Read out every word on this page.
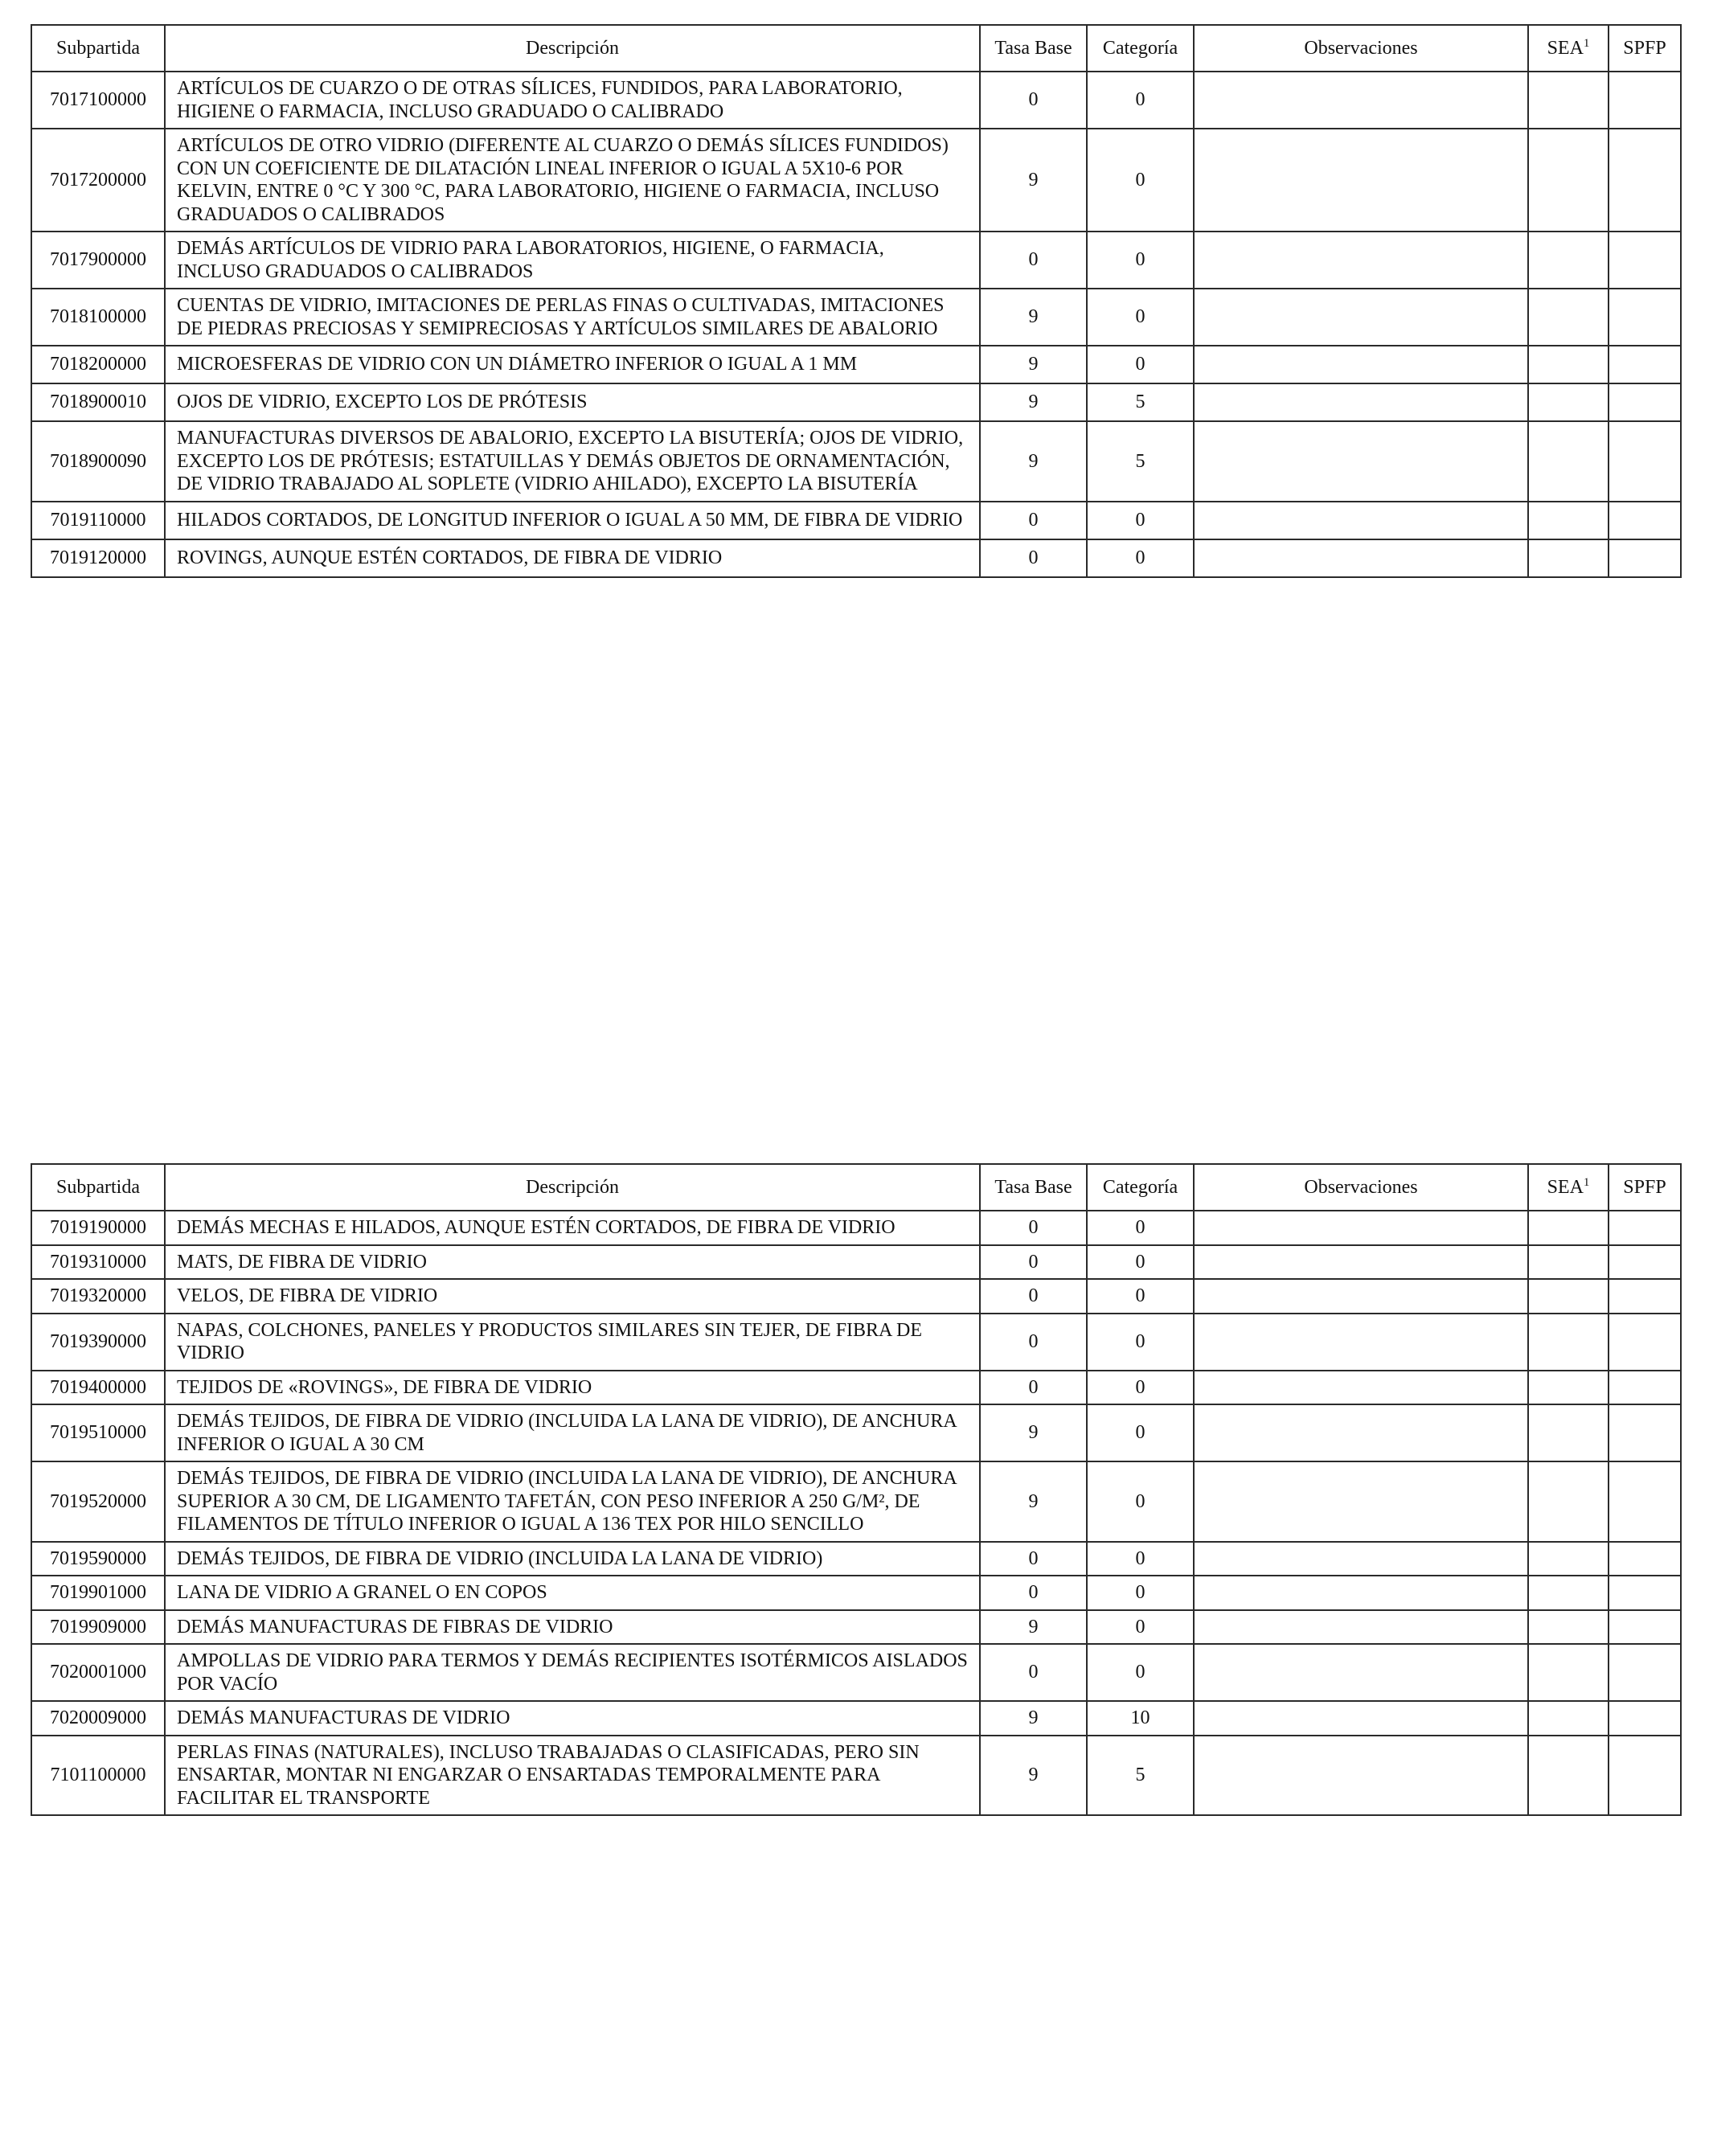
Subpartida	Descripción	Tasa Base	Categoría	Observaciones	SEA$^1$	SPFP
7017100000	ARTÍCULOS DE CUARZO O DE OTRAS SÍLICES, FUNDIDOS, PARA LABORATORIO, HIGIENE O FARMACIA, INCLUSO GRADUADO O CALIBRADO	0	0			
7017200000	ARTÍCULOS DE OTRO VIDRIO (DIFERENTE AL CUARZO O DEMÁS SÍLICES FUNDIDOS) CON UN COEFICIENTE DE DILATACIÓN LINEAL INFERIOR O IGUAL A 5X10-6 POR KELVIN, ENTRE 0 °C Y 300 °C, PARA LABORATORIO, HIGIENE O FARMACIA, INCLUSO GRADUADOS O CALIBRADOS	9	0			
7017900000	DEMÁS ARTÍCULOS DE VIDRIO PARA LABORATORIOS, HIGIENE, O FARMACIA, INCLUSO GRADUADOS O CALIBRADOS	0	0			
7018100000	CUENTAS DE VIDRIO, IMITACIONES DE PERLAS FINAS O CULTIVADAS, IMITACIONES DE PIEDRAS PRECIOSAS Y SEMIPRECIOSAS Y ARTÍCULOS SIMILARES DE ABALORIO	9	0			
7018200000	MICROESFERAS DE VIDRIO CON UN DIÁMETRO INFERIOR O IGUAL A 1 MM	9	0			
7018900010	OJOS DE VIDRIO, EXCEPTO LOS DE PRÓTESIS	9	5			
7018900090	MANUFACTURAS DIVERSOS DE ABALORIO, EXCEPTO LA BISUTERÍA; OJOS DE VIDRIO, EXCEPTO LOS DE PRÓTESIS; ESTATUILLAS Y DEMÁS OBJETOS DE ORNAMENTACIÓN, DE VIDRIO TRABAJADO AL SOPLETE (VIDRIO AHILADO), EXCEPTO LA BISUTERÍA	9	5			
7019110000	HILADOS CORTADOS, DE LONGITUD INFERIOR O IGUAL A 50 MM, DE FIBRA DE VIDRIO	0	0			
7019120000	ROVINGS, AUNQUE ESTÉN CORTADOS, DE FIBRA DE VIDRIO	0	0			
Subpartida	Descripción	Tasa Base	Categoría	Observaciones	SEA$^1$	SPFP
7019190000	DEMÁS MECHAS E HILADOS, AUNQUE ESTÉN CORTADOS, DE FIBRA DE VIDRIO	0	0			
7019310000	MATS, DE FIBRA DE VIDRIO	0	0			
7019320000	VELOS, DE FIBRA DE VIDRIO	0	0			
7019390000	NAPAS, COLCHONES, PANELES Y PRODUCTOS SIMILARES SIN TEJER, DE FIBRA DE VIDRIO	0	0			
7019400000	TEJIDOS DE «ROVINGS», DE FIBRA DE VIDRIO	0	0			
7019510000	DEMÁS TEJIDOS, DE FIBRA DE VIDRIO (INCLUIDA LA LANA DE VIDRIO), DE ANCHURA INFERIOR O IGUAL A 30 CM	9	0			
7019520000	DEMÁS TEJIDOS, DE FIBRA DE VIDRIO (INCLUIDA LA LANA DE VIDRIO), DE ANCHURA SUPERIOR A 30 CM, DE LIGAMENTO TAFETÁN, CON PESO INFERIOR A 250 G/M², DE FILAMENTOS DE TÍTULO INFERIOR O IGUAL A 136 TEX POR HILO SENCILLO	9	0			
7019590000	DEMÁS TEJIDOS, DE FIBRA DE VIDRIO (INCLUIDA LA LANA DE VIDRIO)	0	0			
7019901000	LANA DE VIDRIO A GRANEL O EN COPOS	0	0			
7019909000	DEMÁS MANUFACTURAS DE FIBRAS DE VIDRIO	9	0			
7020001000	AMPOLLAS DE VIDRIO PARA TERMOS Y DEMÁS RECIPIENTES ISOTÉRMICOS AISLADOS POR VACÍO	0	0			
7020009000	DEMÁS MANUFACTURAS DE VIDRIO	9	10			
7101100000	PERLAS FINAS (NATURALES), INCLUSO TRABAJADAS O CLASIFICADAS, PERO SIN ENSARTAR, MONTAR NI ENGARZAR O ENSARTADAS TEMPORALMENTE PARA FACILITAR EL TRANSPORTE	9	5			
